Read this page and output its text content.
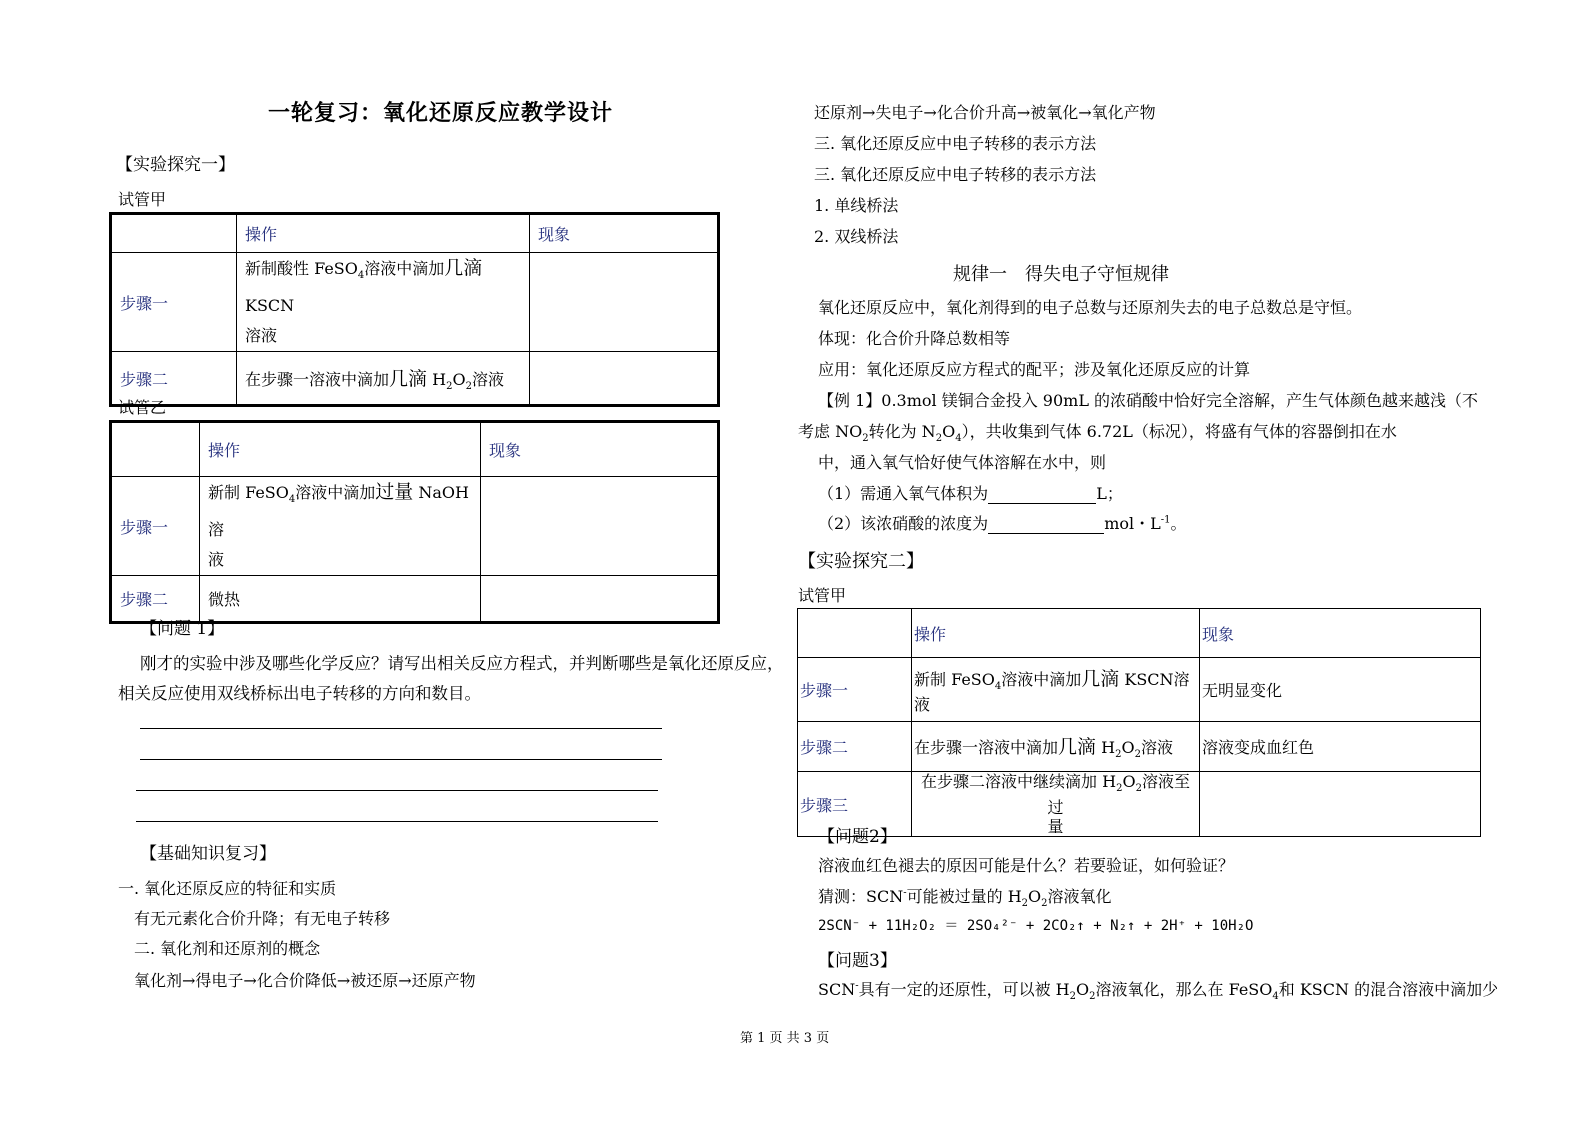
一轮复习：氧化还原反应教学设计
【实验探究一】
试管甲
	操作	现象
步骤一	新制酸性 FeSO$_4$溶液中滴加几滴 KSCN
溶液	
步骤二	在步骤一溶液中滴加几滴 $H_2O_2$溶液	
试管乙
	操作	现象
步骤一	新制 FeSO$_4$溶液中滴加过量 NaOH溶
液	
步骤二	微热	
【问题 1】
刚才的实验中涉及哪些化学反应？请写出相关反应方程式，并判断哪些是氧化还原反应，
相关反应使用双线桥标出电子转移的方向和数目。
【基础知识复习】
一. 氧化还原反应的特征和实质
有无元素化合价升降；有无电子转移
二. 氧化剂和还原剂的概念
氧化剂→得电子→化合价降低→被还原→还原产物
还原剂→失电子→化合价升高→被氧化→氧化产物
三. 氧化还原反应中电子转移的表示方法
三. 氧化还原反应中电子转移的表示方法
1. 单线桥法
2. 双线桥法
规律一　得失电子守恒规律
氧化还原反应中，氧化剂得到的电子总数与还原剂失去的电子总数总是守恒。
体现：化合价升降总数相等
应用：氧化还原反应方程式的配平；涉及氧化还原反应的计算
【例 1】0.3mol 镁铜合金投入 90mL 的浓硝酸中恰好完全溶解，产生气体颜色越来越浅（不
考虑 $NO_2$转化为 $N_2O_4$），共收集到气体 6.72L（标况），将盛有气体的容器倒扣在水
中，通入氧气恰好使气体溶解在水中，则
（1）需通入氧气体积为	L；
（2）该浓硝酸的浓度为	mol・$L^{-1}$。
【实验探究二】
试管甲
	操作	现象
步骤一	新制 FeSO$_4$溶液中滴加几滴 KSCN溶液	无明显变化
步骤二	在步骤一溶液中滴加几滴 $H_2O_2$溶液	溶液变成血红色
步骤三	在步骤二溶液中继续滴加 $H_2O_2$溶液至过
量	
【问题2】
溶液血红色褪去的原因可能是什么？若要验证，如何验证？
猜测：SCN-可能被过量的 $H_2O_2$溶液氧化
2SCN⁻ + 11H₂O₂ ＝ 2SO₄²⁻ + 2CO₂↑ + N₂↑ + 2H⁺ + 10H₂O
【问题3】
SCN-具有一定的还原性，可以被 $H_2O_2$溶液氧化，那么在 FeSO$_4$和 KSCN 的混合溶液中滴加少
第 1 页 共 3 页
